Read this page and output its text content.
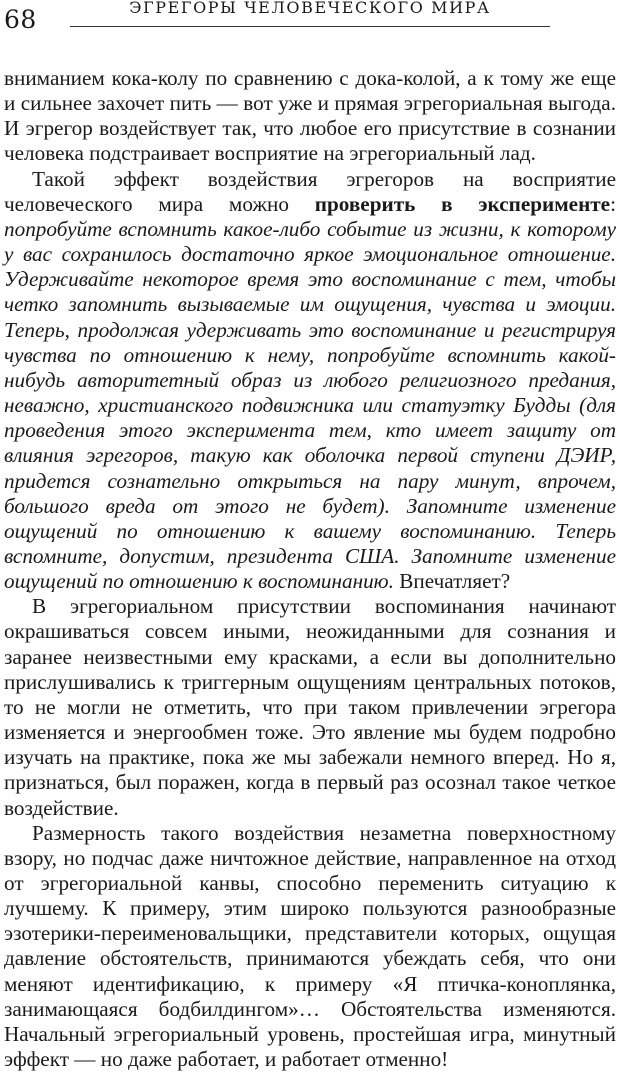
68	ЭГРЕГОРЫ ЧЕЛОВЕЧЕСКОГО МИРА

вниманием кока-колу по сравнению с дока-колой, а к тому же еще и сильнее захочет пить — вот уже и прямая эгрегориальная выгода. И эгрегор воздействует так, что любое его присутствие в сознании человека подстраивает восприятие на эгрегориальный лад.

Такой эффект воздействия эгрегоров на восприятие человеческого мира можно проверить в эксперименте: попробуйте вспомнить какое-либо событие из жизни, к которому у вас сохранилось достаточно яркое эмоциональное отношение. Удерживайте некоторое время это воспоминание с тем, чтобы четко запомнить вызываемые им ощущения, чувства и эмоции. Теперь, продолжая удерживать это воспоминание и регистрируя чувства по отношению к нему, попробуйте вспомнить какой-нибудь авторитетный образ из любого религиозного предания, неважно, христианского подвижника или статуэтку Будды (для проведения этого эксперимента тем, кто имеет защиту от влияния эгрегоров, такую как оболочка первой ступени ДЭИР, придется сознательно открыться на пару минут, впрочем, большого вреда от этого не будет). Запомните изменение ощущений по отношению к вашему воспоминанию. Теперь вспомните, допустим, президента США. Запомните изменение ощущений по отношению к воспоминанию. Впечатляет?

В эгрегориальном присутствии воспоминания начинают окрашиваться совсем иными, неожиданными для сознания и заранее неизвестными ему красками, а если вы дополнительно прислушивались к триггерным ощущениям центральных потоков, то не могли не отметить, что при таком привлечении эгрегора изменяется и энергообмен тоже. Это явление мы будем подробно изучать на практике, пока же мы забежали немного вперед. Но я, признаться, был поражен, когда в первый раз осознал такое четкое воздействие.

Размерность такого воздействия незаметна поверхностному взору, но подчас даже ничтожное действие, направленное на отход от эгрегориальной канвы, способно переменить ситуацию к лучшему. К примеру, этим широко пользуются разнообразные эзотерики-переименовальщики, представители которых, ощущая давление обстоятельств, принимаются убеждать себя, что они меняют идентификацию, к примеру «Я птичка-коноплянка, занимающаяся бодбилдингом»… Обстоятельства изменяются. Начальный эгрегориальный уровень, простейшая игра, минутный эффект — но даже работает, и работает отменно!
